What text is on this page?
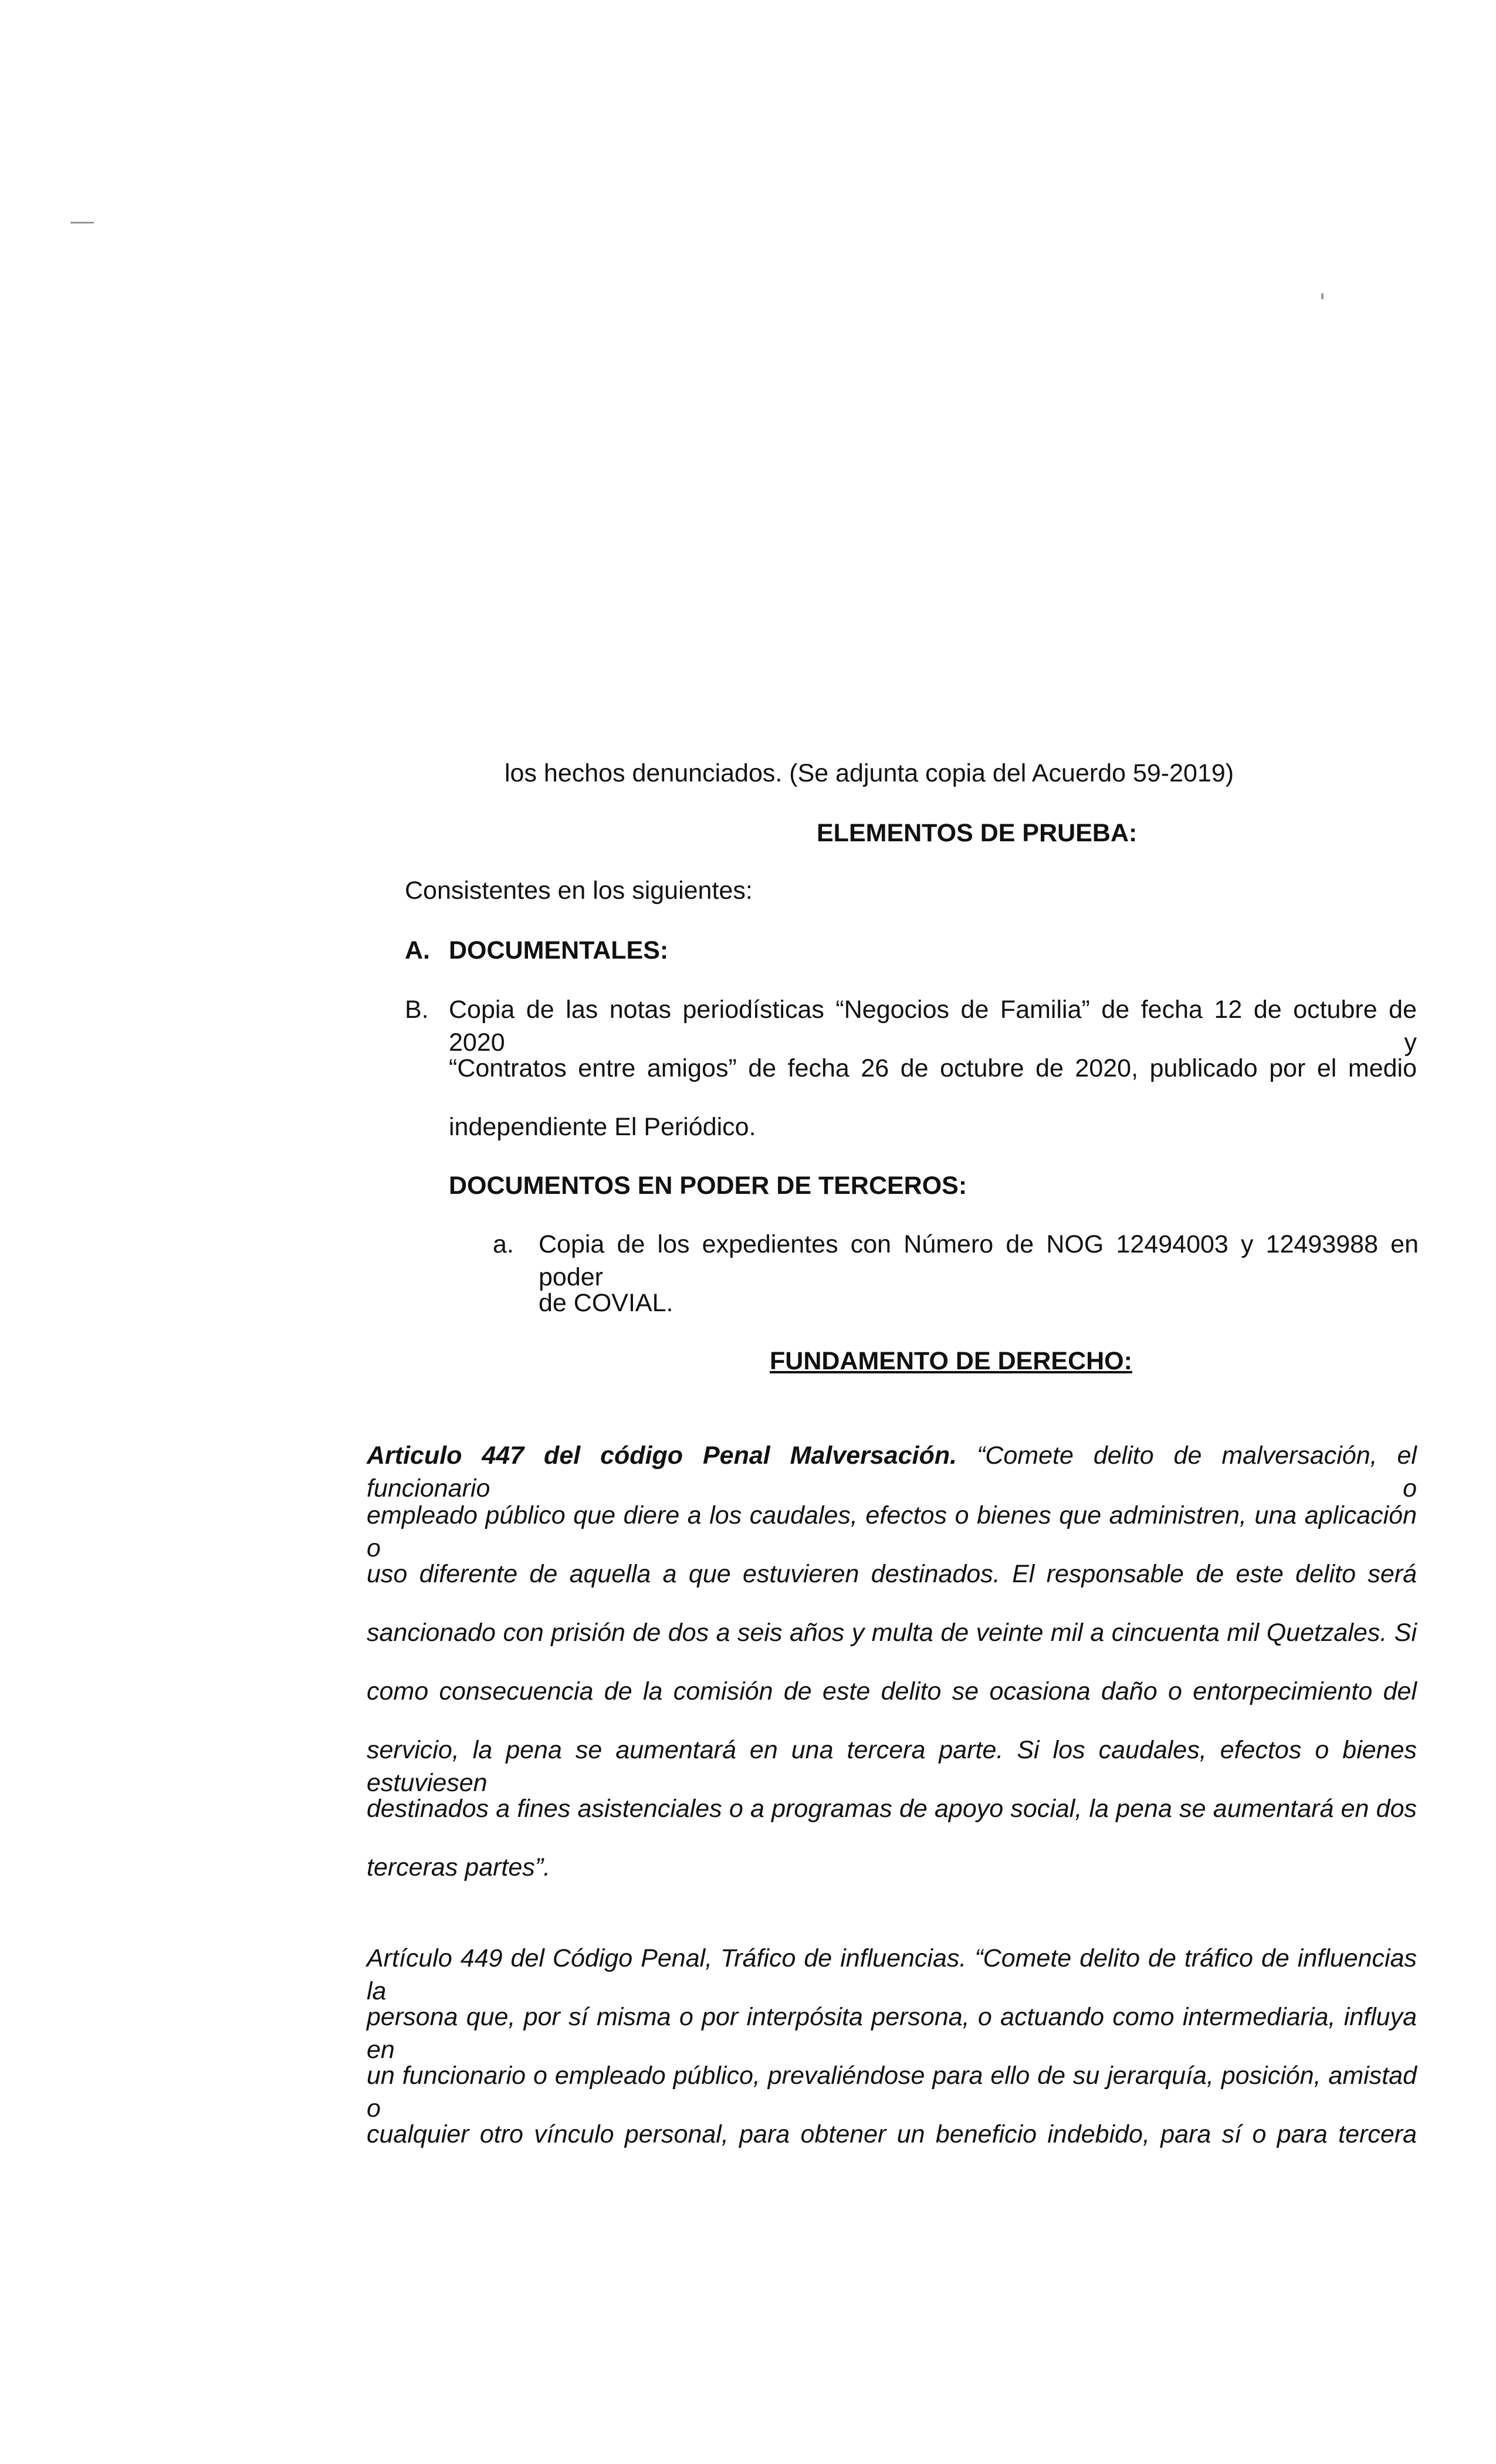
los hechos denunciados. (Se adjunta copia del Acuerdo 59-2019)
ELEMENTOS DE PRUEBA:
Consistentes en los siguientes:
A. DOCUMENTALES:
B. Copia de las notas periodísticas “Negocios de Familia” de fecha 12 de octubre de 2020 y
“Contratos entre amigos” de fecha 26 de octubre de 2020, publicado por el medio
independiente El Periódico.
DOCUMENTOS EN PODER DE TERCEROS:
a. Copia de los expedientes con Número de NOG 12494003 y 12493988 en poder
de COVIAL.
FUNDAMENTO DE DERECHO:
Articulo 447 del código Penal Malversación. “Comete delito de malversación, el funcionario o
empleado público que diere a los caudales, efectos o bienes que administren, una aplicación o
uso diferente de aquella a que estuvieren destinados. El responsable de este delito será
sancionado con prisión de dos a seis años y multa de veinte mil a cincuenta mil Quetzales. Si
como consecuencia de la comisión de este delito se ocasiona daño o entorpecimiento del
servicio, la pena se aumentará en una tercera parte. Si los caudales, efectos o bienes estuviesen
destinados a fines asistenciales o a programas de apoyo social, la pena se aumentará en dos
terceras partes”.
Artículo 449 del Código Penal, Tráfico de influencias. “Comete delito de tráfico de influencias la
persona que, por sí misma o por interpósita persona, o actuando como intermediaria, influya en
un funcionario o empleado público, prevaliéndose para ello de su jerarquía, posición, amistad o
cualquier otro vínculo personal, para obtener un beneficio indebido, para sí o para tercera
